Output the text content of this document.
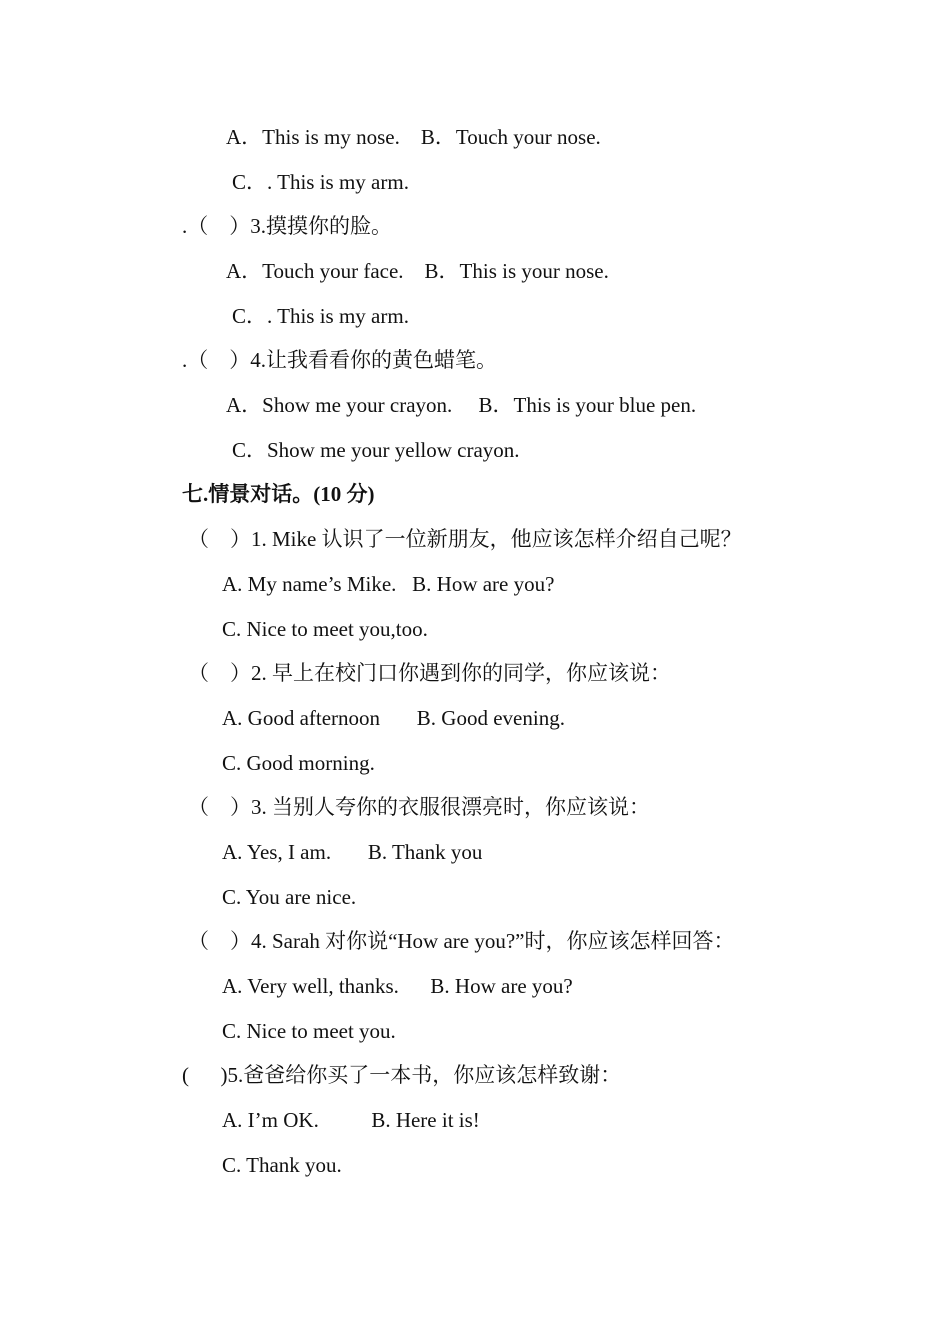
A．This is my nose.    B．Touch your nose.
C．. This is my arm.
.（    ）3.摸摸你的脸。
A．Touch your face.    B．This is your nose.
C．. This is my arm.
.（    ）4.让我看看你的黄色蜡笔。
A．Show me your crayon.     B．This is your blue pen.
C．Show me your yellow crayon.
七.情景对话。(10 分)
（    ）1. Mike 认识了一位新朋友，他应该怎样介绍自己呢？
A. My name’s Mike.   B. How are you?
C. Nice to meet you,too.
（    ）2. 早上在校门口你遇到你的同学，你应该说：
A. Good afternoon       B. Good evening.
C. Good morning.
（    ）3. 当别人夸你的衣服很漂亮时，你应该说：
A. Yes, I am.       B. Thank you
C. You are nice.
（    ）4. Sarah 对你说“How are you?”时，你应该怎样回答：
A. Very well, thanks.      B. How are you?
C. Nice to meet you.
(      )5.爸爸给你买了一本书，你应该怎样致谢：
A. I’m OK.          B. Here it is!
C. Thank you.
